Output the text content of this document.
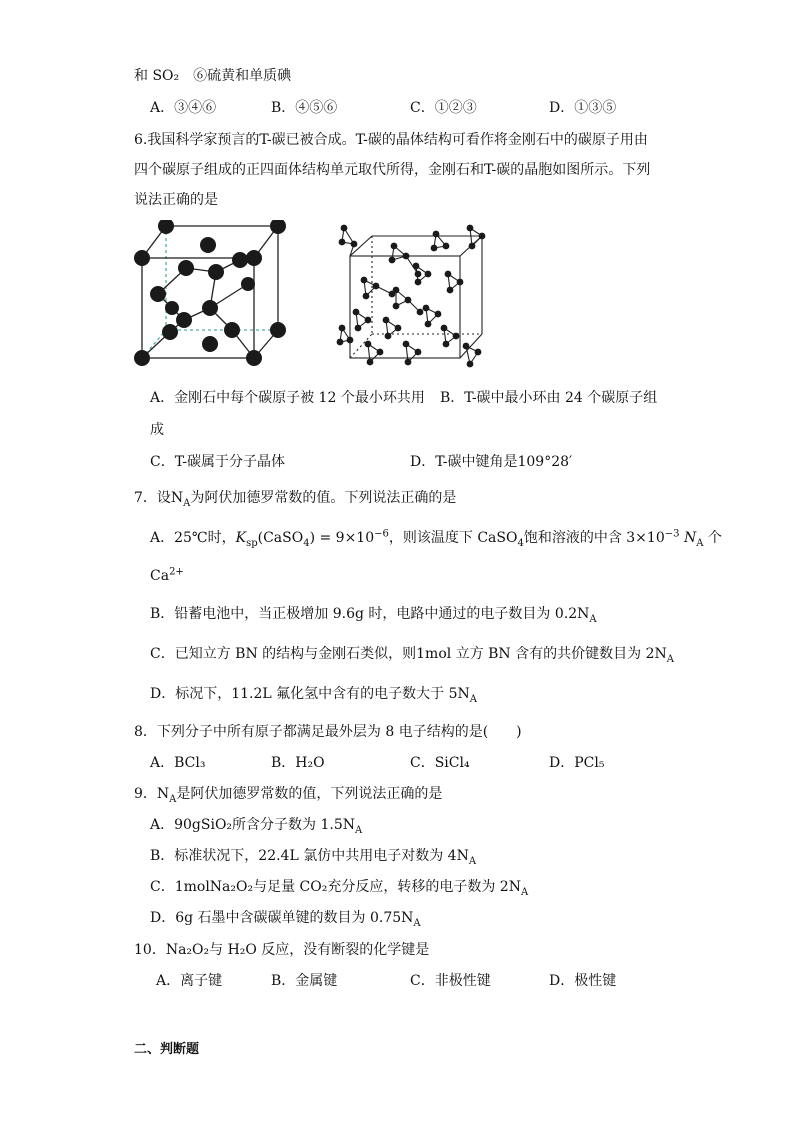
和 SO₂　⑥硫黄和单质碘
A．③④⑥	B．④⑤⑥	C．①②③	D．①③⑤
6.我国科学家预言的T-碳已被合成。T-碳的晶体结构可看作将金刚石中的碳原子用由
四个碳原子组成的正四面体结构单元取代所得，金刚石和T-碳的晶胞如图所示。下列
说法正确的是
A．金刚石中每个碳原子被 12 个最小环共用 B．T-碳中最小环由 24 个碳原子组
成
C．T-碳属于分子晶体	D．T-碳中键角是109°28′
7．设$N_A$为阿伏加德罗常数的值。下列说法正确的是
A．25℃时，$K_{sp}(CaSO_4) = 9\times 10^{-6}$，则该温度下 CaSO$_4$饱和溶液的中含 $3\times 10^{-3}$ $N_A$ 个
$Ca^{2+}$
B．铅蓄电池中，当正极增加 9.6g 时，电路中通过的电子数目为 $0.2N_A$
C．已知立方 BN 的结构与金刚石类似，则1mol 立方 BN 含有的共价键数目为 $2N_A$
D．标况下，11.2L 氟化氢中含有的电子数大于 $5N_A$
8．下列分子中所有原子都满足最外层为 8 电子结构的是(　　)
A．BCl₃	B．H₂O	C．SiCl₄	D．PCl₅
9．$N_A$是阿伏加德罗常数的值，下列说法正确的是
A．90gSiO₂所含分子数为 $1.5N_A$
B．标准状况下，22.4L 氯仿中共用电子对数为 $4N_A$
C．1molNa₂O₂与足量 CO₂充分反应，转移的电子数为 $2N_A$
D．6g 石墨中含碳碳单键的数目为 $0.75N_A$
10．Na₂O₂与 H₂O 反应，没有断裂的化学键是
A．离子键	B．金属键	C．非极性键	D．极性键
二、判断题
